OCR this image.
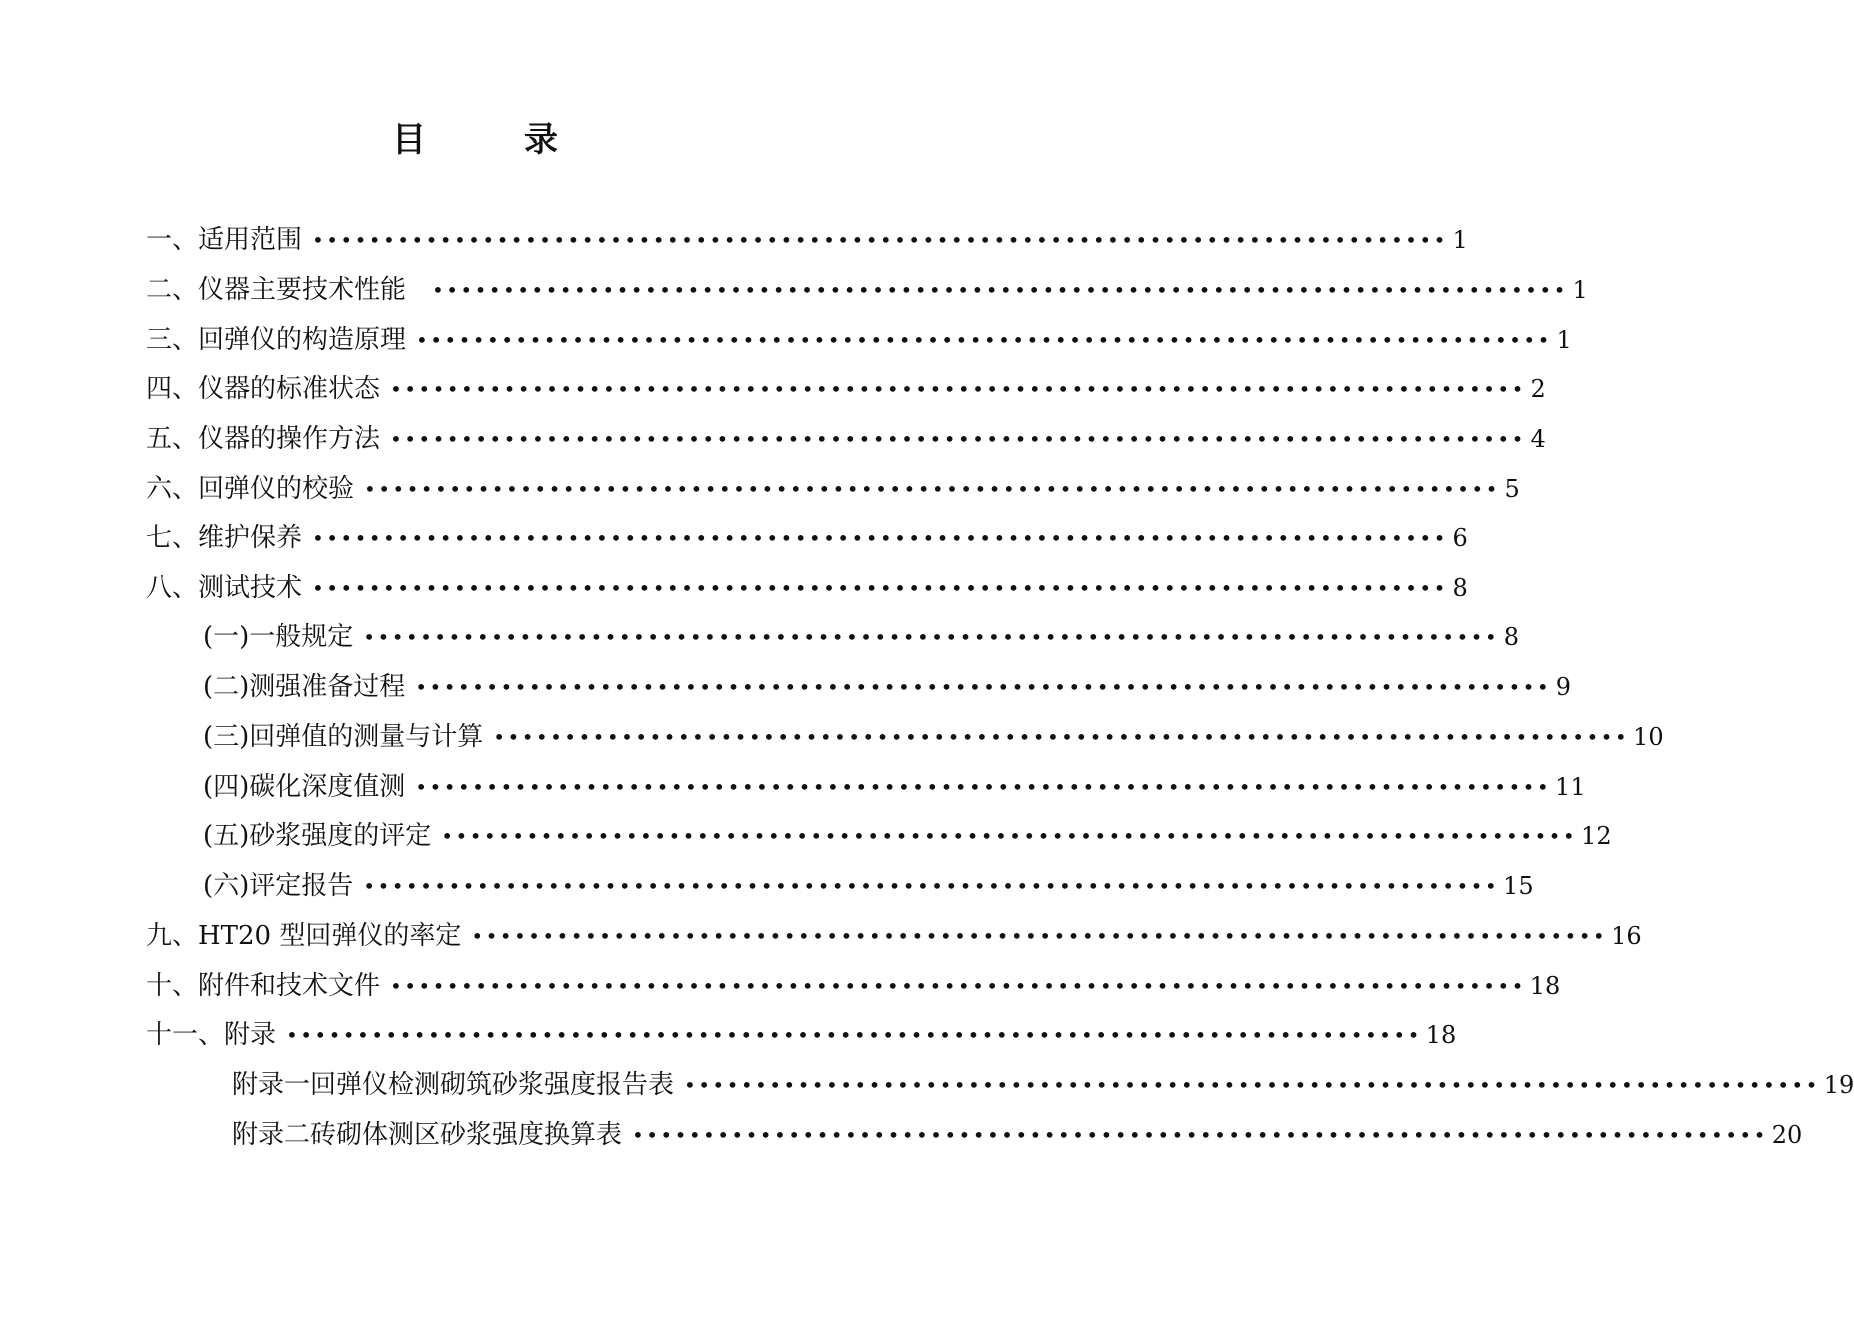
目	录
一、适用范围 •••••••••••••••••••••••••••••••••••••••••••••••••••••••••••••••••••••••••••••••• 1
二、仪器主要技术性能 •••••••••••••••••••••••••••••••••••••••••••••••••••••••••••••••••••••••••••••••• 1
三、回弹仪的构造原理 •••••••••••••••••••••••••••••••••••••••••••••••••••••••••••••••••••••••••••••••• 1
四、仪器的标准状态 •••••••••••••••••••••••••••••••••••••••••••••••••••••••••••••••••••••••••••••••• 2
五、仪器的操作方法 •••••••••••••••••••••••••••••••••••••••••••••••••••••••••••••••••••••••••••••••• 4
六、回弹仪的校验 •••••••••••••••••••••••••••••••••••••••••••••••••••••••••••••••••••••••••••••••• 5
七、维护保养 •••••••••••••••••••••••••••••••••••••••••••••••••••••••••••••••••••••••••••••••• 6
八、测试技术 •••••••••••••••••••••••••••••••••••••••••••••••••••••••••••••••••••••••••••••••• 8
(一)一般规定 •••••••••••••••••••••••••••••••••••••••••••••••••••••••••••••••••••••••••••••••• 8
(二)测强准备过程 •••••••••••••••••••••••••••••••••••••••••••••••••••••••••••••••••••••••••••••••• 9
(三)回弹值的测量与计算 •••••••••••••••••••••••••••••••••••••••••••••••••••••••••••••••••••••••••••••••• 10
(四)碳化深度值测 •••••••••••••••••••••••••••••••••••••••••••••••••••••••••••••••••••••••••••••••• 11
(五)砂浆强度的评定 •••••••••••••••••••••••••••••••••••••••••••••••••••••••••••••••••••••••••••••••• 12
(六)评定报告 •••••••••••••••••••••••••••••••••••••••••••••••••••••••••••••••••••••••••••••••• 15
九、HT20 型回弹仪的率定 •••••••••••••••••••••••••••••••••••••••••••••••••••••••••••••••••••••••••••••••• 16
十、附件和技术文件 •••••••••••••••••••••••••••••••••••••••••••••••••••••••••••••••••••••••••••••••• 18
十一、附录 •••••••••••••••••••••••••••••••••••••••••••••••••••••••••••••••••••••••••••••••• 18
附录一 回弹仪检测砌筑砂浆强度报告表 •••••••••••••••••••••••••••••••••••••••••••••••••••••••••••••••••••••••••••••••• 19
附录二 砖砌体测区砂浆强度换算表 •••••••••••••••••••••••••••••••••••••••••••••••••••••••••••••••••••••••••••••••• 20
